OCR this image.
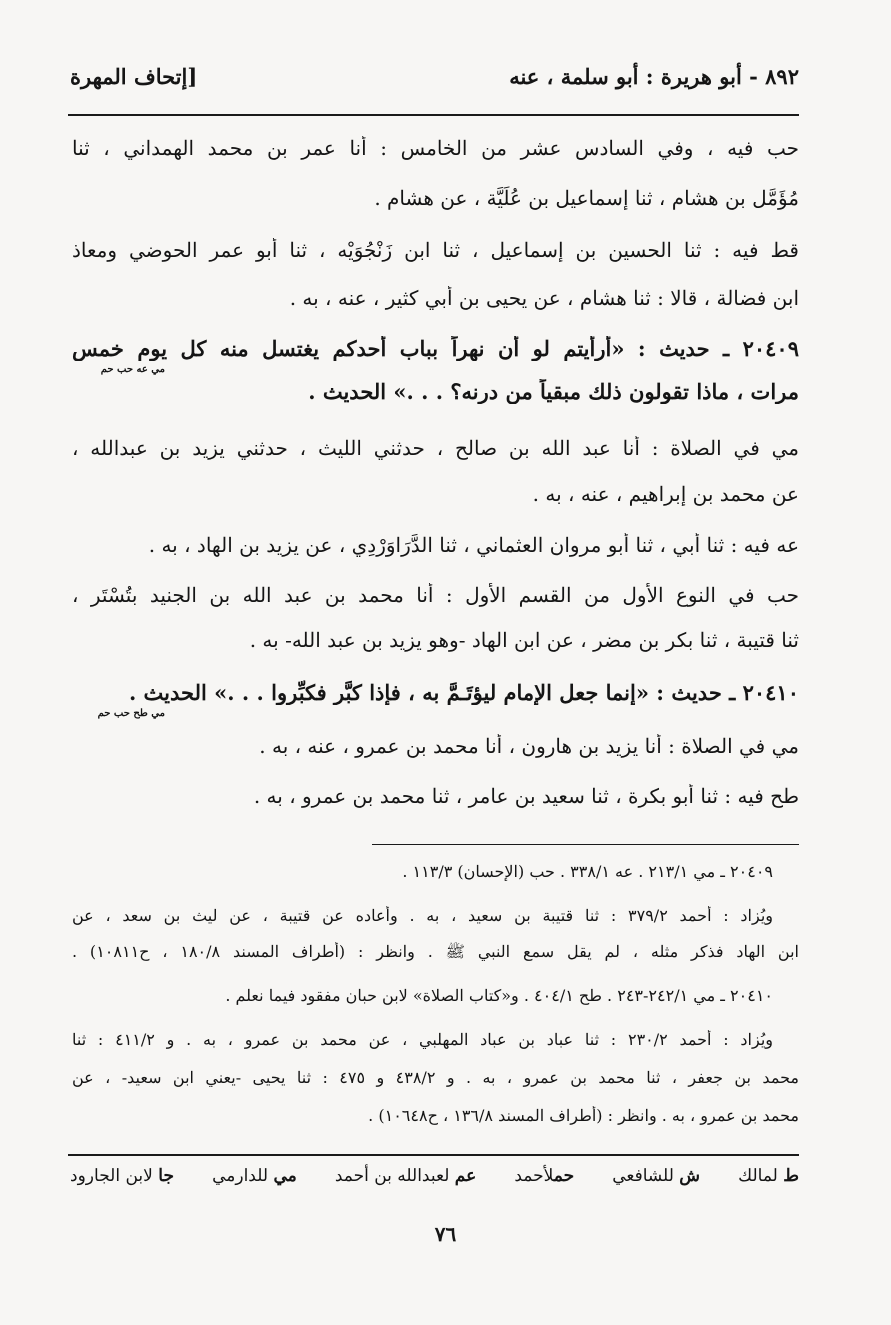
٨٩٢ - أبو هريرة : أبو سلمة ، عنه
[إتحاف المهرة
حب فيه ، وفي السادس عشر من الخامس : أنا عمر بن محمد الهمداني ، ثنا
مُؤَمَّل بن هشام ، ثنا إسماعيل بن عُلَيَّة ، عن هشام .
قط فيه : ثنا الحسين بن إسماعيل ، ثنا ابن زَنْجُوَيْه ، ثنا أبو عمر الحوضي ومعاذ
ابن فضالة ، قالا : ثنا هشام ، عن يحيى بن أبي كثير ، عنه ، به .
٢٠٤٠٩ ـ حديث : «أرأيتم لو أن نهراً بباب أحدكم يغتسل منه كل يوم خمس
مي عه حب حم
مرات ، ماذا تقولون ذلك مبقياً من درنه؟ . . .» الحديث .
مي في الصلاة : أنا عبد الله بن صالح ، حدثني الليث ، حدثني يزيد بن عبدالله ،
عن محمد بن إبراهيم ، عنه ، به .
عه فيه : ثنا أبي ، ثنا أبو مروان العثماني ، ثنا الدَّرَاوَرْدِي ، عن يزيد بن الهاد ، به .
حب في النوع الأول من القسم الأول : أنا محمد بن عبد الله بن الجنيد بتُسْتَر ،
ثنا قتيبة ، ثنا بكر بن مضر ، عن ابن الهاد -وهو يزيد بن عبد الله- به .
٢٠٤١٠ ـ حديث : «إنما جعل الإمام ليؤتَـمَّ به ، فإذا كبَّر فكبِّروا . . .» الحديث .
مي طح حب حم
مي في الصلاة : أنا يزيد بن هارون ، أنا محمد بن عمرو ، عنه ، به .
طح فيه : ثنا أبو بكرة ، ثنا سعيد بن عامر ، ثنا محمد بن عمرو ، به .
٢٠٤٠٩ ـ مي ٢١٣/١ . عه ٣٣٨/١ . حب (الإحسان) ١١٣/٣ .
ويُزاد : أحمد ٣٧٩/٢ : ثنا قتيبة بن سعيد ، به . وأعاده عن قتيبة ، عن ليث بن سعد ، عن
ابن الهاد فذكر مثله ، لم يقل سمع النبي ﷺ . وانظر : (أطراف المسند ١٨٠/٨ ، ح١٠٨١١) .
٢٠٤١٠ ـ مي ٢٤٢/١-٢٤٣ . طح ٤٠٤/١ . و«كتاب الصلاة» لابن حبان مفقود فيما نعلم .
ويُزاد : أحمد ٢٣٠/٢ : ثنا عباد بن عباد المهلبي ، عن محمد بن عمرو ، به . و ٤١١/٢ : ثنا
محمد بن جعفر ، ثنا محمد بن عمرو ، به . و ٤٣٨/٢ و ٤٧٥ : ثنا يحيى -يعني ابن سعيد- ، عن
محمد بن عمرو ، به . وانظر : (أطراف المسند ١٣٦/٨ ، ح١٠٦٤٨) .
ط لمالك
ش للشافعي
حملأحمد
عم لعبدالله بن أحمد
مي للدارمي
جا لابن الجارود
٧٦
